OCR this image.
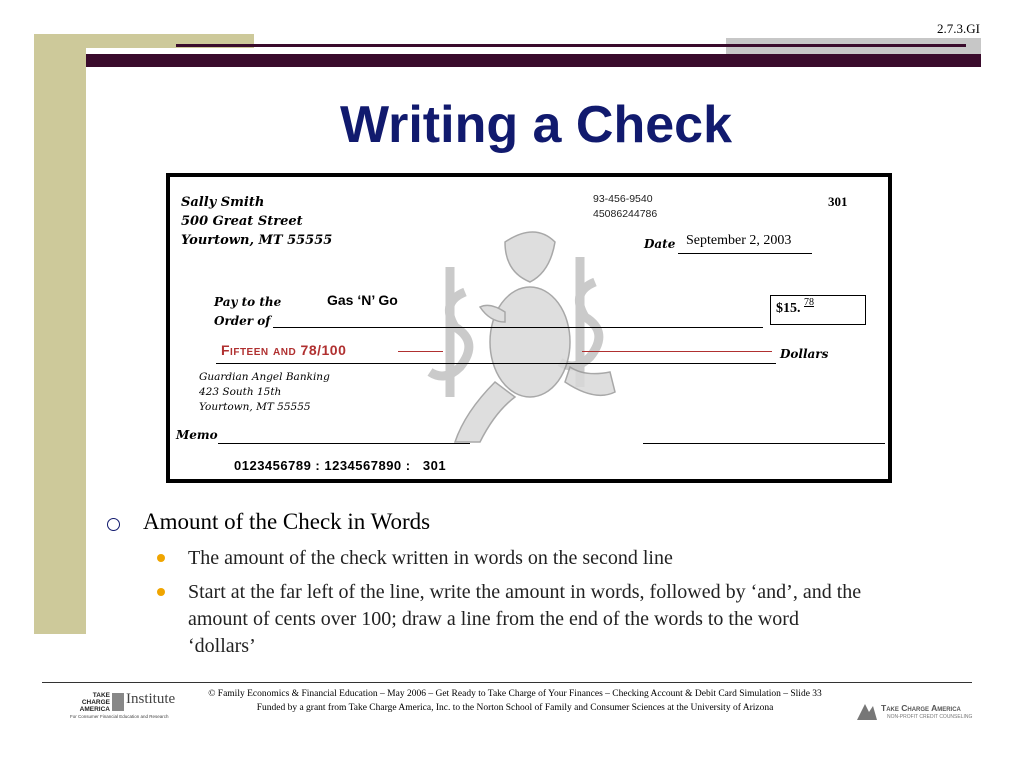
2.7.3.GI
Writing a Check
Sally Smith
500 Great Street
Yourtown, MT 55555
93-456-9540
45086244786
301
Date September 2, 2003
Pay to the
Order of
Gas ‘N’ Go
$15. 78
Fifteen and 78/100	Dollars
Guardian Angel Banking
423 South 15th
Yourtown, MT 55555
Memo
0123456789 : 1234567890 :   301
Amount of the Check in Words
The amount of the check written in words on the second line
Start at the far left of the line, write the amount in words, followed by ‘and’, and the
amount of cents over 100; draw a line from the end of the words to the word
‘dollars’
© Family Economics & Financial Education – May 2006 – Get Ready to Take Charge of Your Finances – Checking Account & Debit Card Simulation – Slide 33
Funded by a grant from Take Charge America, Inc. to the Norton School of Family and Consumer Sciences at the University of Arizona
TAKE
CHARGE
AMERICA
Institute
For Consumer Financial Education and Research
Take Charge America
NON-PROFIT CREDIT COUNSELING
